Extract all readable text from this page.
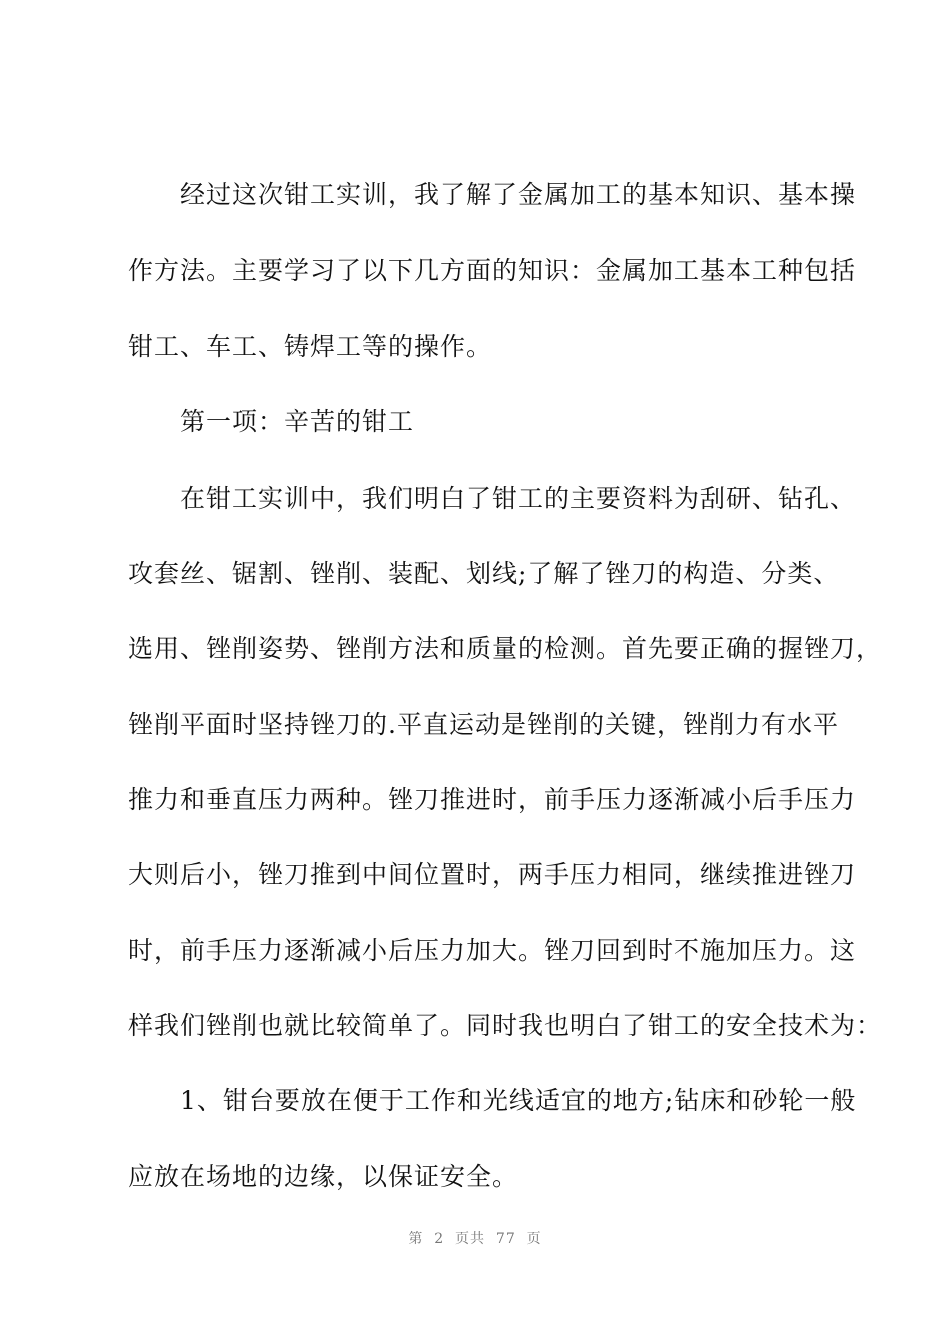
经过这次钳工实训，我了解了金属加工的基本知识、基本操
作方法。主要学习了以下几方面的知识：金属加工基本工种包括
钳工、车工、铸焊工等的操作。
第一项：辛苦的钳工
在钳工实训中，我们明白了钳工的主要资料为刮研、钻孔、
攻套丝、锯割、锉削、装配、划线;了解了锉刀的构造、分类、
选用、锉削姿势、锉削方法和质量的检测。首先要正确的握锉刀，
锉削平面时坚持锉刀的.平直运动是锉削的关键，锉削力有水平
推力和垂直压力两种。锉刀推进时，前手压力逐渐减小后手压力
大则后小，锉刀推到中间位置时，两手压力相同，继续推进锉刀
时，前手压力逐渐减小后压力加大。锉刀回到时不施加压力。这
样我们锉削也就比较简单了。同时我也明白了钳工的安全技术为：
1、钳台要放在便于工作和光线适宜的地方;钻床和砂轮一般
应放在场地的边缘，以保证安全。
第  2  页共  77  页
